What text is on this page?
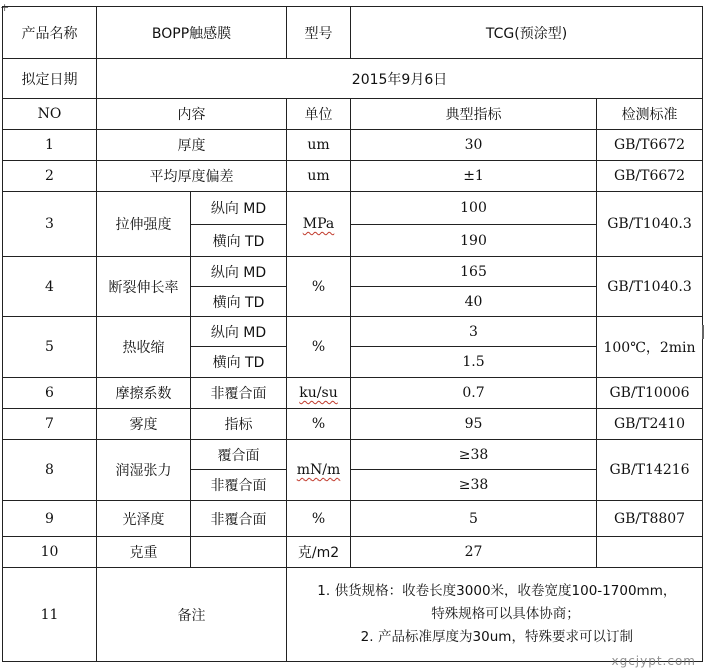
+
产品名称	BOPP触感膜		型号	TCG(预涂型)	
拟定日期	2015年9月6日				
NO	内容		单位	典型指标	检测标准
1	厚度		um	30	GB/T6672
2	平均厚度偏差		um	±1	GB/T6672
3	拉伸强度	纵向 MD	MPa	100	GB/T1040.3
		横向 TD		190	
4	断裂伸长率	纵向 MD	%	165	GB/T1040.3
		横向 TD		40	
5	热收缩	纵向 MD	%	3	100℃，2min
		横向 TD		1.5	
6	摩擦系数	非覆合面	ku/su	0.7	GB/T10006
7	雾度	指标	%	95	GB/T2410
8	润湿张力	覆合面	mN/m	≥38	GB/T14216
		非覆合面		≥38	
9	光泽度	非覆合面	%	5	GB/T8807
10	克重		克/m2	27	
11	备注		1. 供货规格：收卷长度3000米，收卷宽度100-1700mm，
特殊规格可以具体协商；
2. 产品标准厚度为30um，特殊要求可以订制		
xgcjypt.com
